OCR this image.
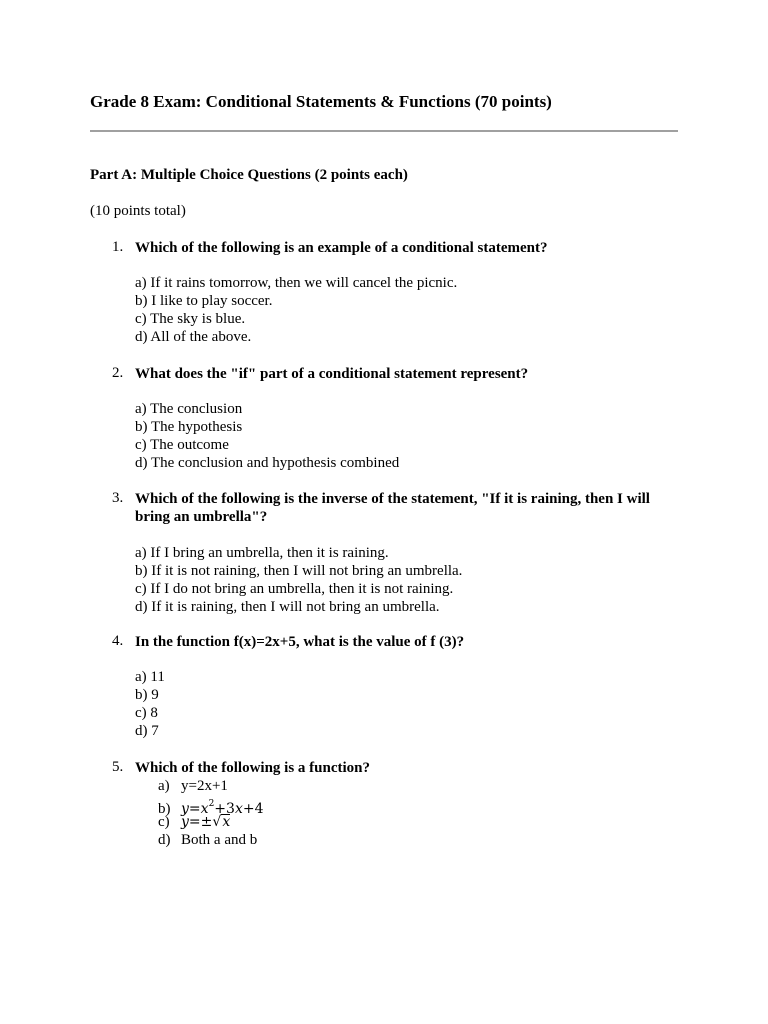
Grade 8 Exam: Conditional Statements & Functions (70 points)

Part A: Multiple Choice Questions (2 points each)

(10 points total)

1. Which of the following is an example of a conditional statement?
a) If it rains tomorrow, then we will cancel the picnic.
b) I like to play soccer.
c) The sky is blue.
d) All of the above.
2. What does the "if" part of a conditional statement represent?
a) The conclusion
b) The hypothesis
c) The outcome
d) The conclusion and hypothesis combined
3. Which of the following is the inverse of the statement, "If it is raining, then I will bring an umbrella"?
a) If I bring an umbrella, then it is raining.
b) If it is not raining, then I will not bring an umbrella.
c) If I do not bring an umbrella, then it is not raining.
d) If it is raining, then I will not bring an umbrella.
4. In the function f(x)=2x+5, what is the value of f (3)?
a) 11
b) 9
c) 8
d) 7
5. Which of the following is a function?
a) y=2x+1
b) $y=x^2+3x+4$
c) y=±√x
d) Both a and b
